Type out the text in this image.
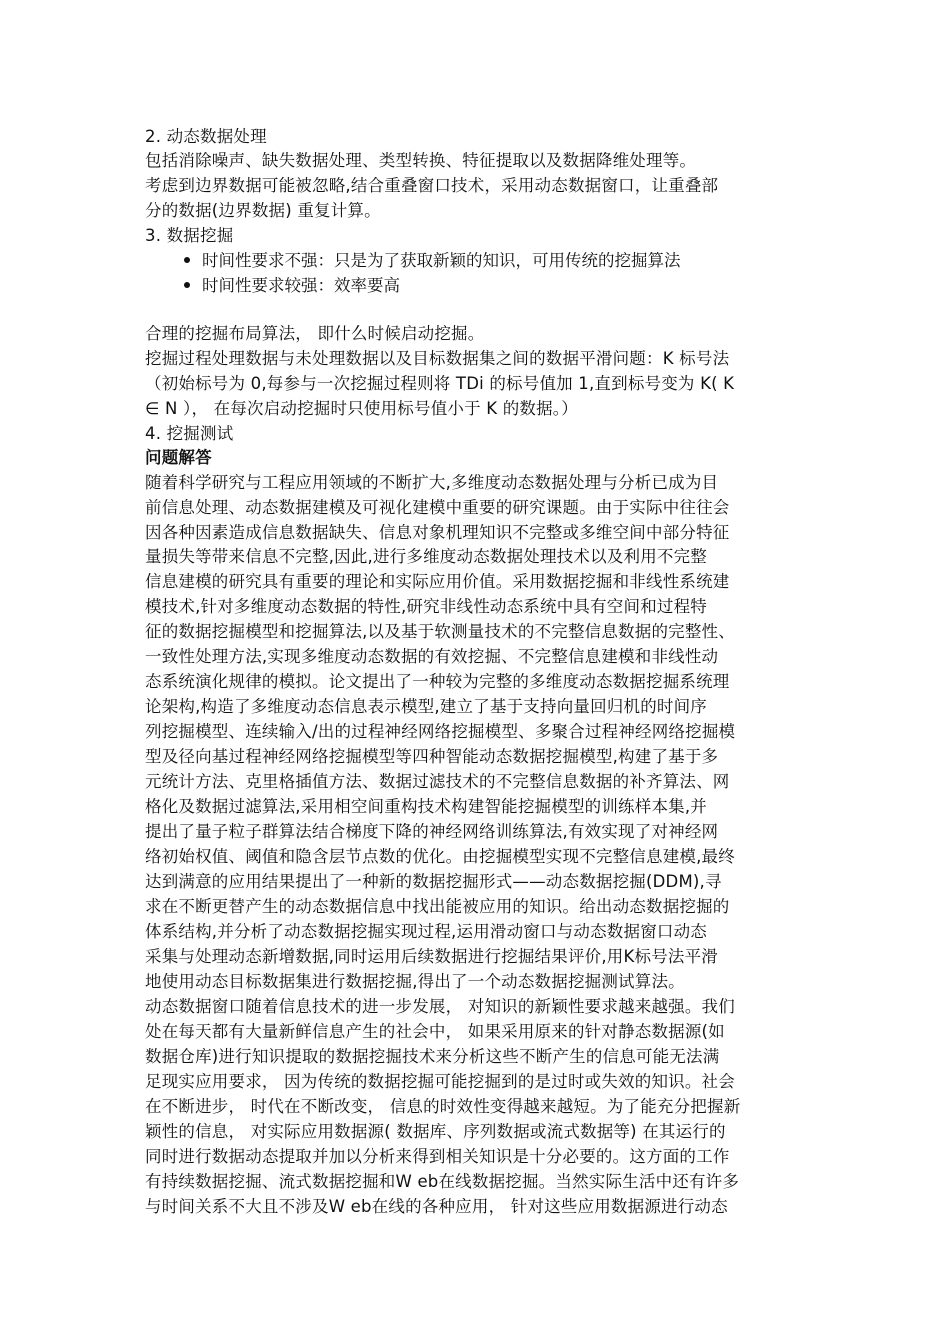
2. 动态数据处理
包括消除噪声、缺失数据处理、类型转换、特征提取以及数据降维处理等。
考虑到边界数据可能被忽略,结合重叠窗口技术，采用动态数据窗口，让重叠部
分的数据(边界数据) 重复计算。
3. 数据挖掘
时间性要求不强：只是为了获取新颖的知识，可用传统的挖掘算法
时间性要求较强：效率要高
合理的挖掘布局算法， 即什么时候启动挖掘。
挖掘过程处理数据与未处理数据以及目标数据集之间的数据平滑问题：K 标号法
（初始标号为 0,每参与一次挖掘过程则将 TDi 的标号值加 1,直到标号变为 K( K
∈ N ）， 在每次启动挖掘时只使用标号值小于 K 的数据。）
4. 挖掘测试
问题解答
随着科学研究与工程应用领域的不断扩大,多维度动态数据处理与分析已成为目
前信息处理、动态数据建模及可视化建模中重要的研究课题。由于实际中往往会
因各种因素造成信息数据缺失、信息对象机理知识不完整或多维空间中部分特征
量损失等带来信息不完整,因此,进行多维度动态数据处理技术以及利用不完整
信息建模的研究具有重要的理论和实际应用价值。采用数据挖掘和非线性系统建
模技术,针对多维度动态数据的特性,研究非线性动态系统中具有空间和过程特
征的数据挖掘模型和挖掘算法,以及基于软测量技术的不完整信息数据的完整性、
一致性处理方法,实现多维度动态数据的有效挖掘、不完整信息建模和非线性动
态系统演化规律的模拟。论文提出了一种较为完整的多维度动态数据挖掘系统理
论架构,构造了多维度动态信息表示模型,建立了基于支持向量回归机的时间序
列挖掘模型、连续输入/出的过程神经网络挖掘模型、多聚合过程神经网络挖掘模
型及径向基过程神经网络挖掘模型等四种智能动态数据挖掘模型,构建了基于多
元统计方法、克里格插值方法、数据过滤技术的不完整信息数据的补齐算法、网
格化及数据过滤算法,采用相空间重构技术构建智能挖掘模型的训练样本集,并
提出了量子粒子群算法结合梯度下降的神经网络训练算法,有效实现了对神经网
络初始权值、阈值和隐含层节点数的优化。由挖掘模型实现不完整信息建模,最终
达到满意的应用结果提出了一种新的数据挖掘形式——动态数据挖掘(DDM),寻
求在不断更替产生的动态数据信息中找出能被应用的知识。给出动态数据挖掘的
体系结构,并分析了动态数据挖掘实现过程,运用滑动窗口与动态数据窗口动态
采集与处理动态新增数据,同时运用后续数据进行挖掘结果评价,用K标号法平滑
地使用动态目标数据集进行数据挖掘,得出了一个动态数据挖掘测试算法。
动态数据窗口随着信息技术的进一步发展， 对知识的新颖性要求越来越强。我们
处在每天都有大量新鲜信息产生的社会中， 如果采用原来的针对静态数据源(如
数据仓库)进行知识提取的数据挖掘技术来分析这些不断产生的信息可能无法满
足现实应用要求， 因为传统的数据挖掘可能挖掘到的是过时或失效的知识。社会
在不断进步， 时代在不断改变， 信息的时效性变得越来越短。为了能充分把握新
颖性的信息， 对实际应用数据源( 数据库、序列数据或流式数据等) 在其运行的
同时进行数据动态提取并加以分析来得到相关知识是十分必要的。这方面的工作
有持续数据挖掘、流式数据挖掘和W eb在线数据挖掘。当然实际生活中还有许多
与时间关系不大且不涉及W eb在线的各种应用， 针对这些应用数据源进行动态
